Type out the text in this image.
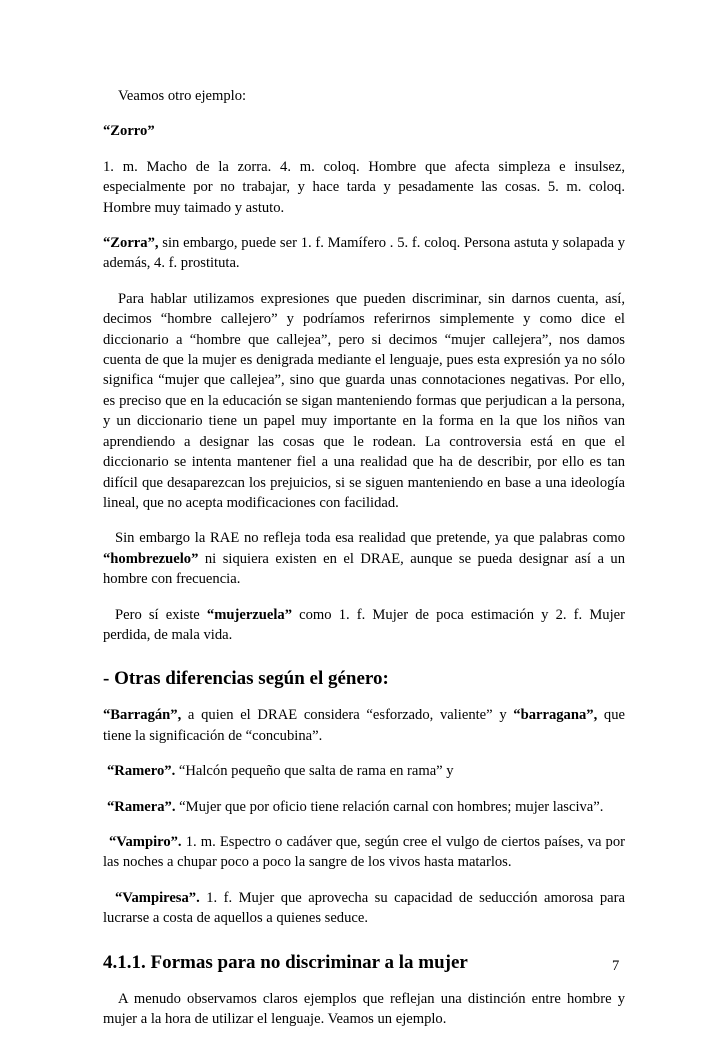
Veamos otro ejemplo:

“Zorro”

1. m. Macho de la zorra. 4. m. coloq. Hombre que afecta simpleza e insulsez, especialmente por no trabajar, y hace tarda y pesadamente las cosas. 5. m. coloq. Hombre muy taimado y astuto.

“Zorra”, sin embargo, puede ser 1. f. Mamífero . 5. f. coloq. Persona astuta y solapada y además, 4. f. prostituta.

Para hablar utilizamos expresiones que pueden discriminar, sin darnos cuenta, así, decimos “hombre callejero” y podríamos referirnos simplemente y como dice el diccionario a “hombre que callejea”, pero si decimos “mujer callejera”, nos damos cuenta de que la mujer es denigrada mediante el lenguaje, pues esta expresión ya no sólo significa “mujer que callejea”, sino que guarda unas connotaciones negativas. Por ello, es preciso que en la educación se sigan manteniendo formas que perjudican a la persona, y un diccionario tiene un papel muy importante en la forma en la que los niños van aprendiendo a designar las cosas que le rodean. La controversia está en que el diccionario se intenta mantener fiel a una realidad que ha de describir, por ello es tan difícil que desaparezcan los prejuicios, si se siguen manteniendo en base a una ideología lineal, que no acepta modificaciones con facilidad.

Sin embargo la RAE no refleja toda esa realidad que pretende, ya que palabras como “hombrezuelo” ni siquiera existen en el DRAE, aunque se pueda designar así a un hombre con frecuencia.

Pero sí existe “mujerzuela” como 1. f. Mujer de poca estimación y 2. f. Mujer perdida, de mala vida.

- Otras diferencias según el género:

“Barragán”, a quien el DRAE considera “esforzado, valiente” y “barragana”, que tiene la significación de “concubina”.

“Ramero”. “Halcón pequeño que salta de rama en rama” y

“Ramera”. “Mujer que por oficio tiene relación carnal con hombres; mujer lasciva”.

“Vampiro”. 1. m. Espectro o cadáver que, según cree el vulgo de ciertos países, va por las noches a chupar poco a poco la sangre de los vivos hasta matarlos.

“Vampiresa”. 1. f. Mujer que aprovecha su capacidad de seducción amorosa para lucrarse a costa de aquellos a quienes seduce.

4.1.1. Formas para no discriminar a la mujer

A menudo observamos claros ejemplos que reflejan una distinción entre hombre y mujer a la hora de utilizar el lenguaje. Veamos un ejemplo.

7
